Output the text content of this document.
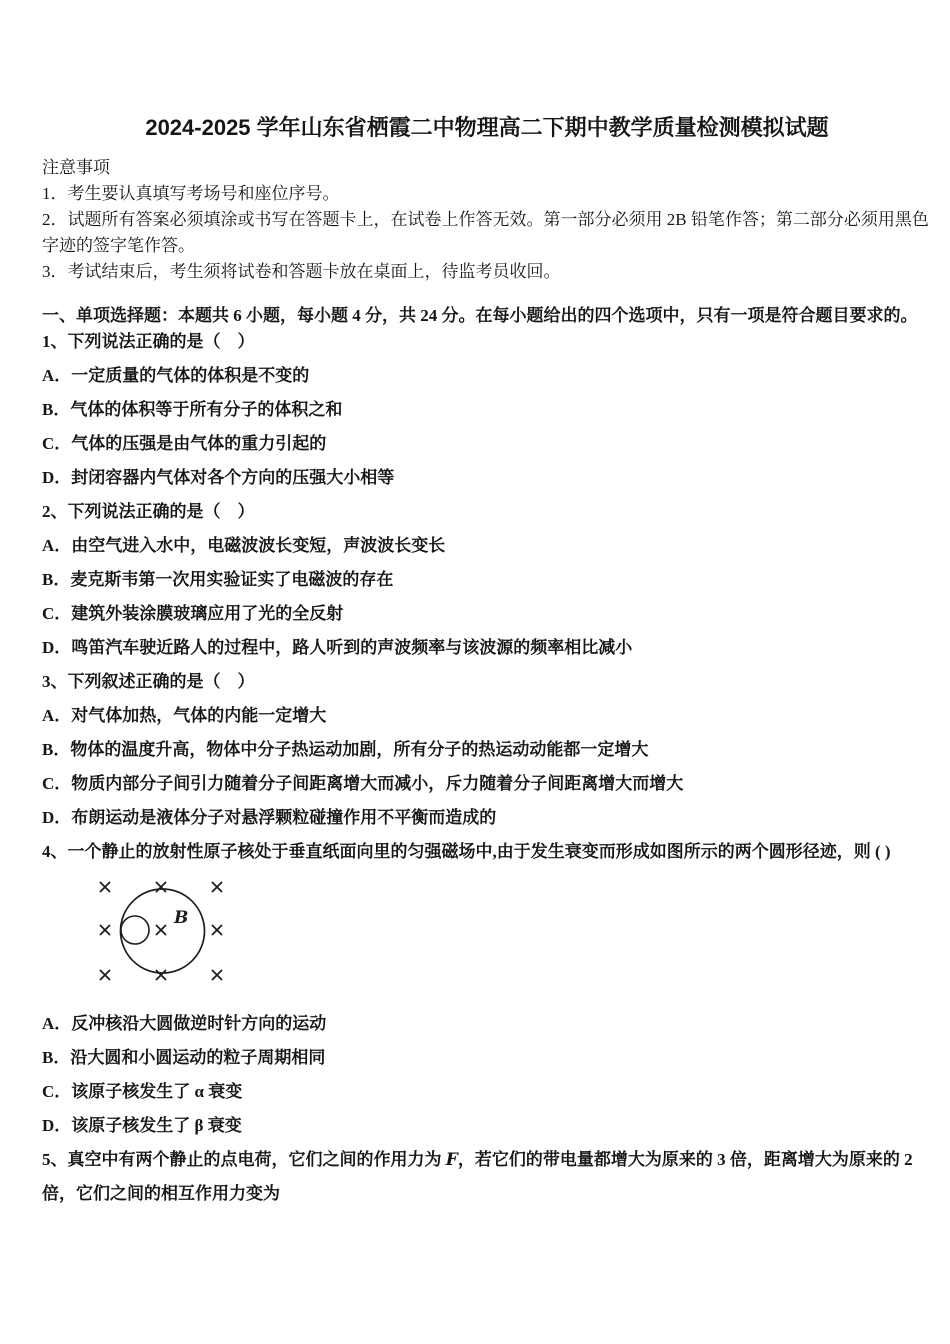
2024-2025 学年山东省栖霞二中物理高二下期中教学质量检测模拟试题
注意事项
1．考生要认真填写考场号和座位序号。
2．试题所有答案必须填涂或书写在答题卡上，在试卷上作答无效。第一部分必须用 2B 铅笔作答；第二部分必须用黑色字迹的签字笔作答。
3．考试结束后，考生须将试卷和答题卡放在桌面上，待监考员收回。
一、单项选择题：本题共 6 小题，每小题 4 分，共 24 分。在每小题给出的四个选项中，只有一项是符合题目要求的。
1、下列说法正确的是（　）
A．一定质量的气体的体积是不变的
B．气体的体积等于所有分子的体积之和
C．气体的压强是由气体的重力引起的
D．封闭容器内气体对各个方向的压强大小相等
2、下列说法正确的是（　）
A．由空气进入水中，电磁波波长变短，声波波长变长
B．麦克斯韦第一次用实验证实了电磁波的存在
C．建筑外装涂膜玻璃应用了光的全反射
D．鸣笛汽车驶近路人的过程中，路人听到的声波频率与该波源的频率相比减小
3、下列叙述正确的是（　）
A．对气体加热，气体的内能一定增大
B．物体的温度升高，物体中分子热运动加剧，所有分子的热运动动能都一定增大
C．物质内部分子间引力随着分子间距离增大而减小，斥力随着分子间距离增大而增大
D．布朗运动是液体分子对悬浮颗粒碰撞作用不平衡而造成的
4、一个静止的放射性原子核处于垂直纸面向里的匀强磁场中,由于发生衰变而形成如图所示的两个圆形径迹，则 ( )
B
A．反冲核沿大圆做逆时针方向的运动
B．沿大圆和小圆运动的粒子周期相同
C．该原子核发生了 α 衰变
D．该原子核发生了 β 衰变
5、真空中有两个静止的点电荷，它们之间的作用力为 F，若它们的带电量都增大为原来的 3 倍，距离增大为原来的 2 倍，它们之间的相互作用力变为
